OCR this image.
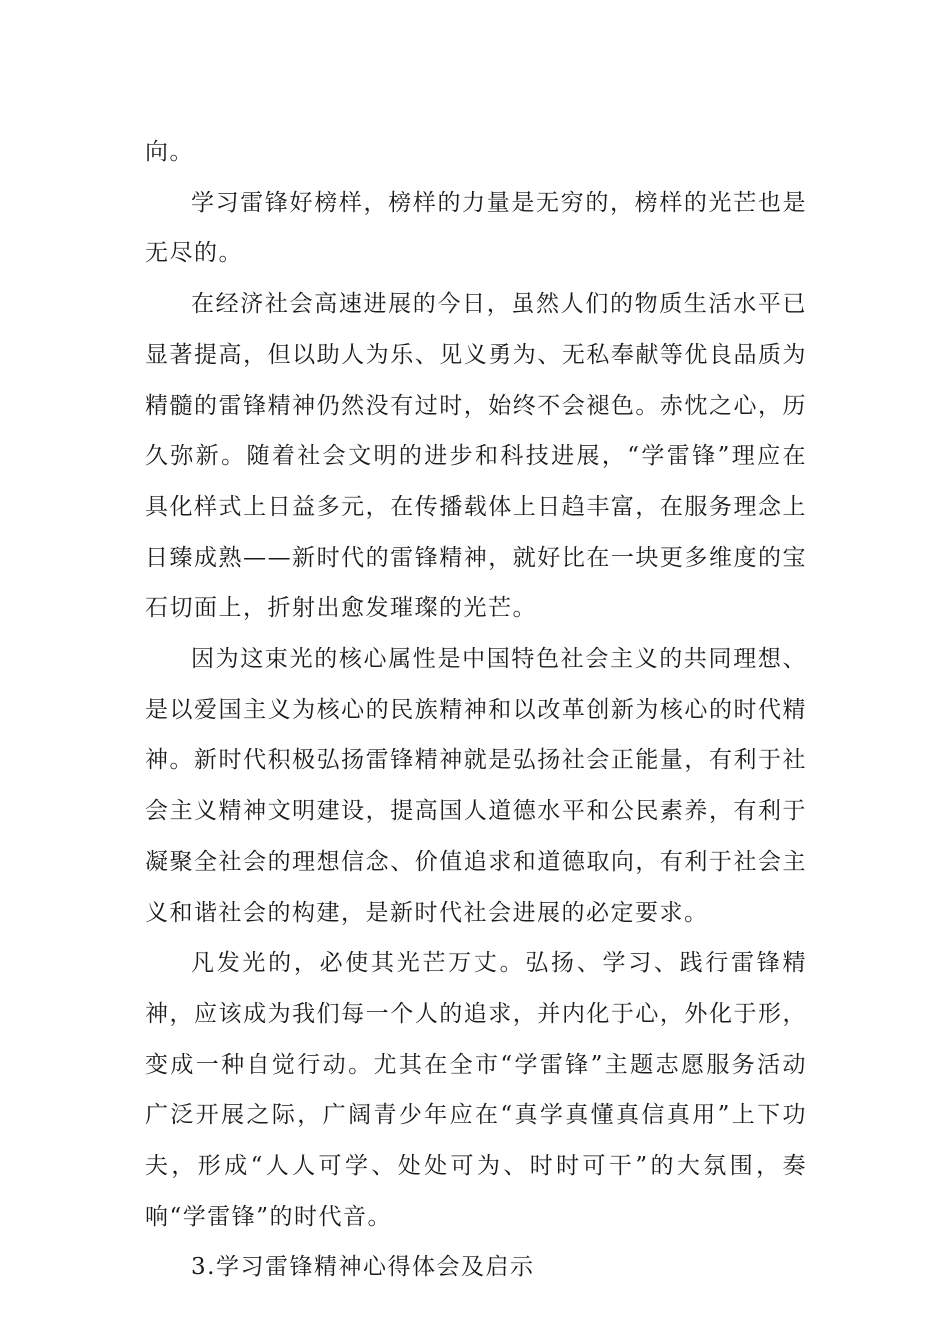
向。

学习雷锋好榜样，榜样的力量是无穷的，榜样的光芒也是无尽的。

在经济社会高速进展的今日，虽然人们的物质生活水平已显著提高，但以助人为乐、见义勇为、无私奉献等优良品质为精髓的雷锋精神仍然没有过时，始终不会褪色。赤忱之心，历久弥新。随着社会文明的进步和科技进展，“学雷锋”理应在具化样式上日益多元，在传播载体上日趋丰富，在服务理念上日臻成熟——新时代的雷锋精神，就好比在一块更多维度的宝石切面上，折射出愈发璀璨的光芒。

因为这束光的核心属性是中国特色社会主义的共同理想、是以爱国主义为核心的民族精神和以改革创新为核心的时代精神。新时代积极弘扬雷锋精神就是弘扬社会正能量，有利于社会主义精神文明建设，提高国人道德水平和公民素养，有利于凝聚全社会的理想信念、价值追求和道德取向，有利于社会主义和谐社会的构建，是新时代社会进展的必定要求。

凡发光的，必使其光芒万丈。弘扬、学习、践行雷锋精神，应该成为我们每一个人的追求，并内化于心，外化于形，变成一种自觉行动。尤其在全市“学雷锋”主题志愿服务活动广泛开展之际，广阔青少年应在“真学真懂真信真用”上下功夫，形成“人人可学、处处可为、时时可干”的大氛围，奏响“学雷锋”的时代音。

3.学习雷锋精神心得体会及启示
